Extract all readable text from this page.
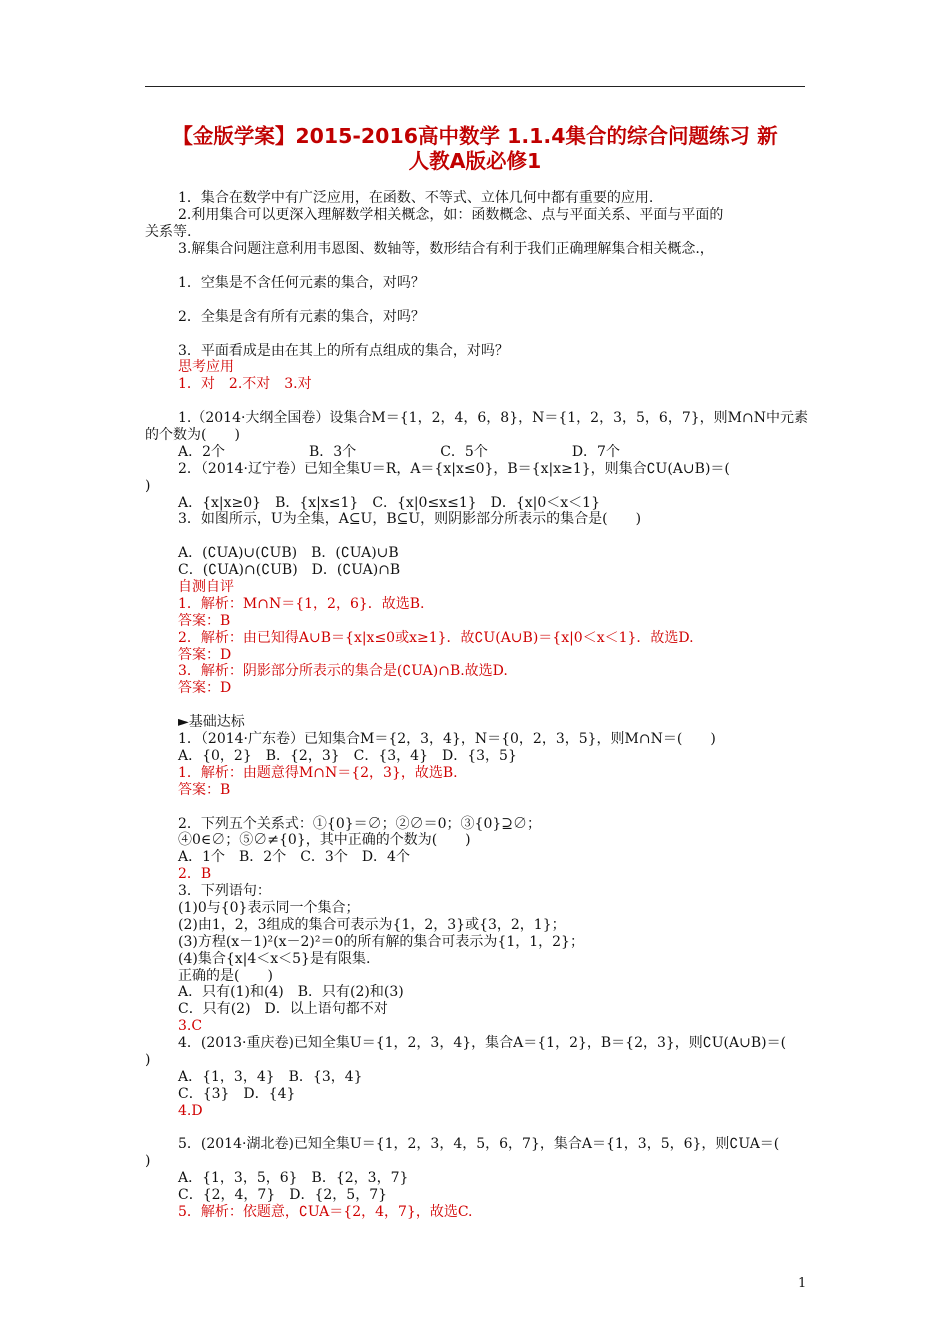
【金版学案】2015-2016高中数学 1.1.4集合的综合问题练习 新
人教A版必修1
1．集合在数学中有广泛应用，在函数、不等式、立体几何中都有重要的应用.
2.利用集合可以更深入理解数学相关概念，如：函数概念、点与平面关系、平面与平面的
关系等.
3.解集合问题注意利用韦恩图、数轴等，数形结合有利于我们正确理解集合相关概念.，
1．空集是不含任何元素的集合，对吗？
2．全集是含有所有元素的集合，对吗？
3．平面看成是由在其上的所有点组成的集合，对吗？
思考应用
1．对　2.不对　3.对
1.（2014·大纲全国卷）设集合M＝{1，2，4，6，8}，N＝{1，2，3，5，6，7}，则M∩N中元素
的个数为(　　)
A．2个　　　　　　B．3个　　　　　　C．5个　　　　　　D．7个
2．（2014·辽宁卷）已知全集U＝R，A＝{x|x≤0}，B＝{x|x≥1}，则集合∁U(A∪B)＝(
)
A．{x|x≥0}　B．{x|x≤1}　C．{x|0≤x≤1}　D．{x|0＜x＜1}
3．如图所示，U为全集，A⊆U，B⊆U，则阴影部分所表示的集合是(　　)
A．(∁UA)∪(∁UB)　B．(∁UA)∪B
C．(∁UA)∩(∁UB)　D．(∁UA)∩B
自测自评
1．解析：M∩N＝{1，2，6}．故选B.
答案：B
2．解析：由已知得A∪B＝{x|x≤0或x≥1}．故∁U(A∪B)＝{x|0＜x＜1}．故选D.
答案：D
3．解析：阴影部分所表示的集合是(∁UA)∩B.故选D.
答案：D
►基础达标
1．（2014·广东卷）已知集合M＝{2，3，4}，N＝{0，2，3，5}，则M∩N＝(　　)
A．{0，2}　B．{2，3}　C．{3，4}　D．{3，5}
1．解析：由题意得M∩N＝{2，3}，故选B.
答案：B
2．下列五个关系式：①{0}＝∅；②∅＝0；③{0}⊇∅；
④0∈∅；⑤∅≠{0}，其中正确的个数为(　　)
A．1个　B．2个　C．3个　D．4个
2．B
3．下列语句：
(1)0与{0}表示同一个集合；
(2)由1，2，3组成的集合可表示为{1，2，3}或{3，2，1}；
(3)方程(x－1)²(x－2)²＝0的所有解的集合可表示为{1，1，2}；
(4)集合{x|4＜x＜5}是有限集.
正确的是(　　)
A．只有(1)和(4)　B．只有(2)和(3)
C．只有(2)　D．以上语句都不对
3.C
4．(2013·重庆卷)已知全集U＝{1，2，3，4}，集合A＝{1，2}，B＝{2，3}，则∁U(A∪B)＝(
)
A．{1，3，4}　B．{3，4}
C．{3}　D．{4}
4.D
5．(2014·湖北卷)已知全集U＝{1，2，3，4，5，6，7}，集合A＝{1，3，5，6}，则∁UA＝(
)
A．{1，3，5，6}　B．{2，3，7}
C．{2，4，7}　D．{2，5，7}
5．解析：依题意，∁UA＝{2，4，7}，故选C.
1
